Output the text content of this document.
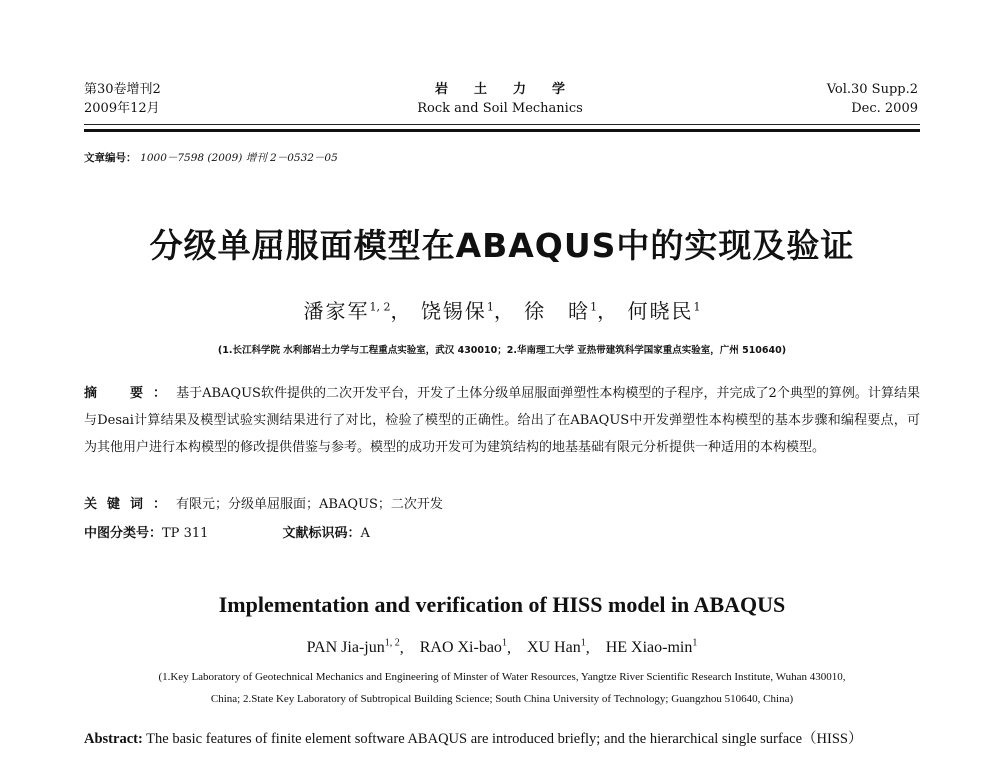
第30卷增刊2
2009年12月
岩土力学
Rock and Soil Mechanics
Vol.30 Supp.2
Dec. 2009
文章编号： 1000－7598 (2009) 增刊 2－0532－05
分级单屈服面模型在ABAQUS中的实现及验证
潘家军$^{1, 2}$， 饶锡保$^1$， 徐　晗$^1$， 何晓民$^1$
(1.长江科学院 水利部岩土力学与工程重点实验室，武汉 430010；2.华南理工大学 亚热带建筑科学国家重点实验室，广州 510640)
摘　要：基于ABAQUS软件提供的二次开发平台，开发了土体分级单屈服面弹塑性本构模型的子程序，并完成了2个典型的算例。计算结果与Desai计算结果及模型试验实测结果进行了对比，检验了模型的正确性。给出了在ABAQUS中开发弹塑性本构模型的基本步骤和编程要点，可为其他用户进行本构模型的修改提供借鉴与参考。模型的成功开发可为建筑结构的地基基础有限元分析提供一种适用的本构模型。
关键词：有限元；分级单屈服面；ABAQUS；二次开发
中图分类号：TP 311	文献标识码：A
Implementation and verification of HISS model in ABAQUS
PAN Jia-jun$^{1, 2}$, RAO Xi-bao$^1$, XU Han$^1$, HE Xiao-$\min^1$
(1.Key Laboratory of Geotechnical Mechanics and Engineering of Minster of Water Resources, Yangtze River Scientific Research Institute, Wuhan 430010,
China; 2.State Key Laboratory of Subtropical Building Science; South China University of Technology; Guangzhou 510640, China)
Abstract: The basic features of finite element software ABAQUS are introduced briefly; and the hierarchical single surface（HISS）
